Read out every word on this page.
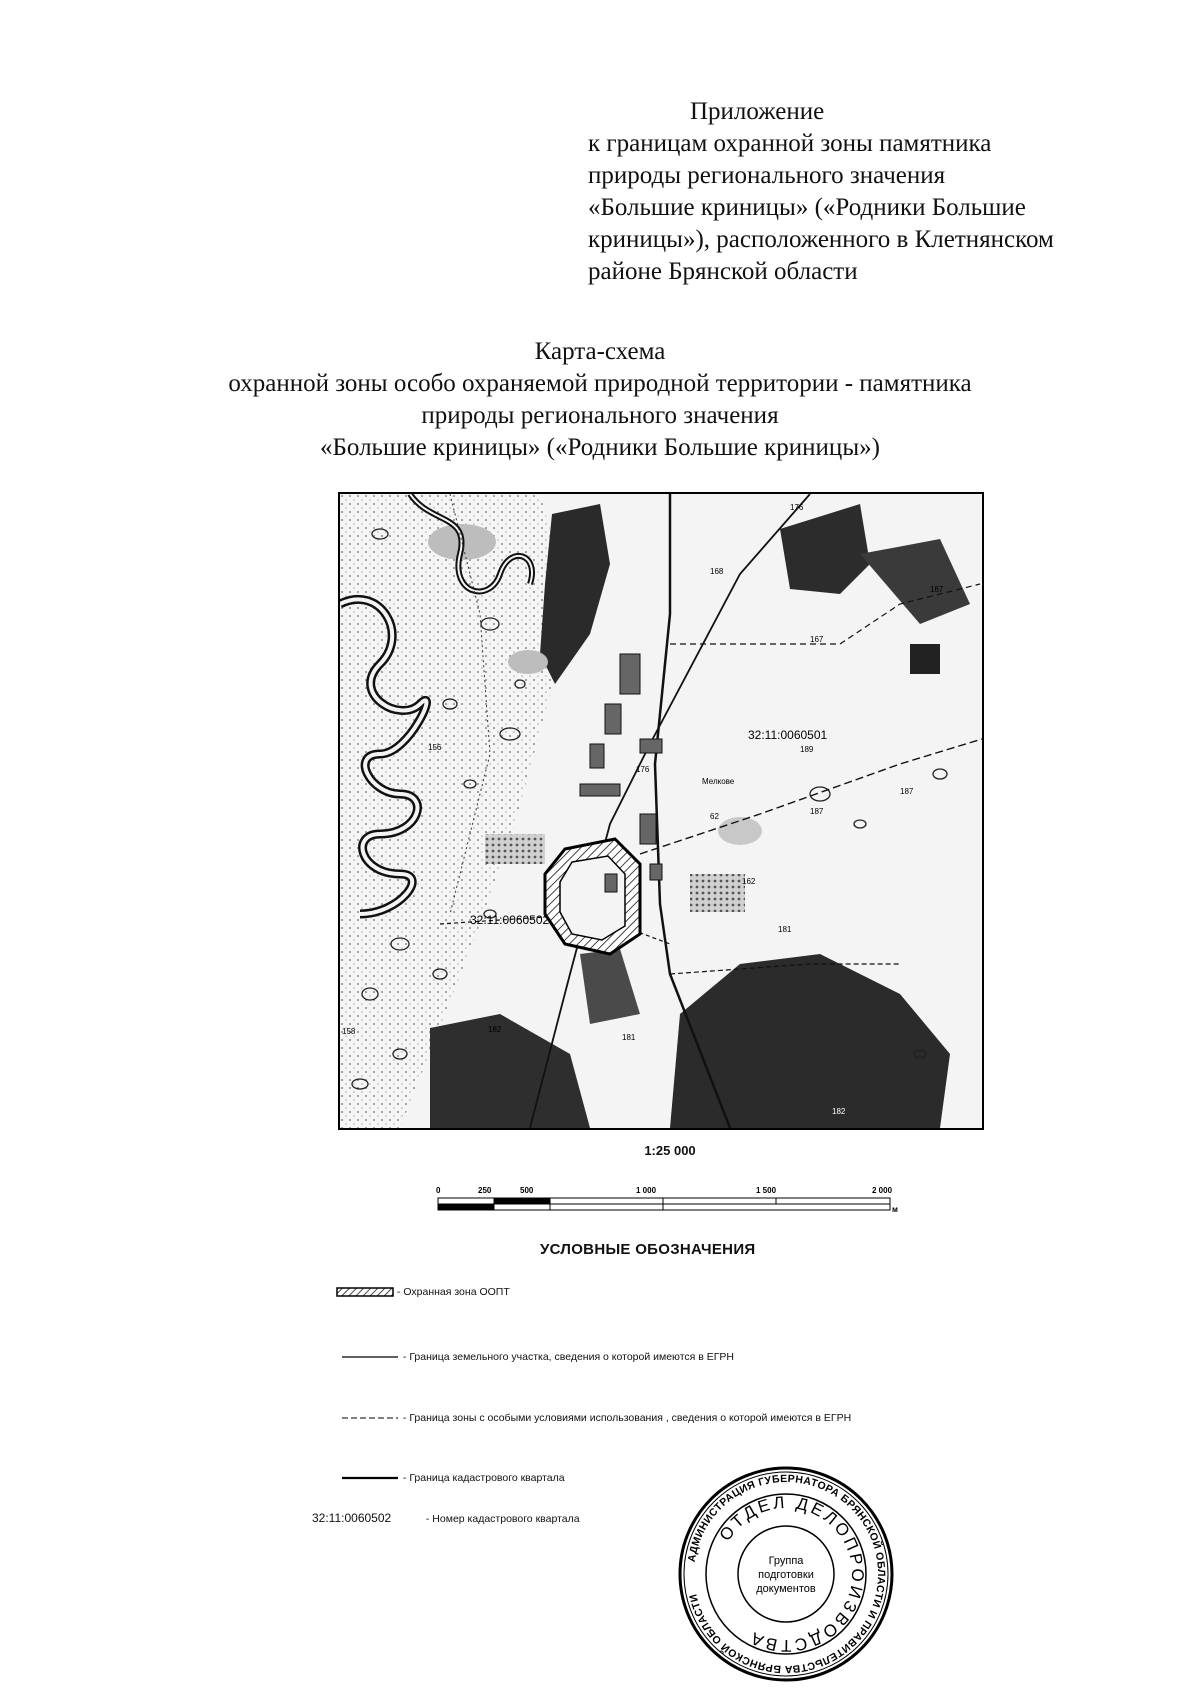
Приложение
к границам охранной зоны памятника
природы регионального значения
«Большие криницы» («Родники Большие
криницы»), расположенного в Клетнянском
районе Брянской области
Карта-схема
охранной зоны особо охраняемой природной территории - памятника
природы регионального значения
«Большие криницы» («Родники Большие криницы»)
32:11:0060501
32:11:0060502
Мелкове
176
168
167
187
187
156	189
176
62
187
162
181
182
181
158
182
1:25 000
0	250	500	1 000	1 500	2 000
м
УСЛОВНЫЕ ОБОЗНАЧЕНИЯ
- Охранная зона ООПТ
- Граница земельного участка, сведения о которой имеются в ЕГРН
- Граница зоны с особыми условиями использования , сведения о которой имеются в ЕГРН
- Граница кадастрового квартала
32:11:0060502	- Номер кадастрового квартала
АДМИНИСТРАЦИЯ ГУБЕРНАТОРА БРЯНСКОЙ ОБЛАСТИ И ПРАВИТЕЛЬСТВА БРЯНСКОЙ ОБЛАСТИ
ОТДЕЛ ДЕЛОПРОИЗВОДСТВА
Группа
подготовки
документов
